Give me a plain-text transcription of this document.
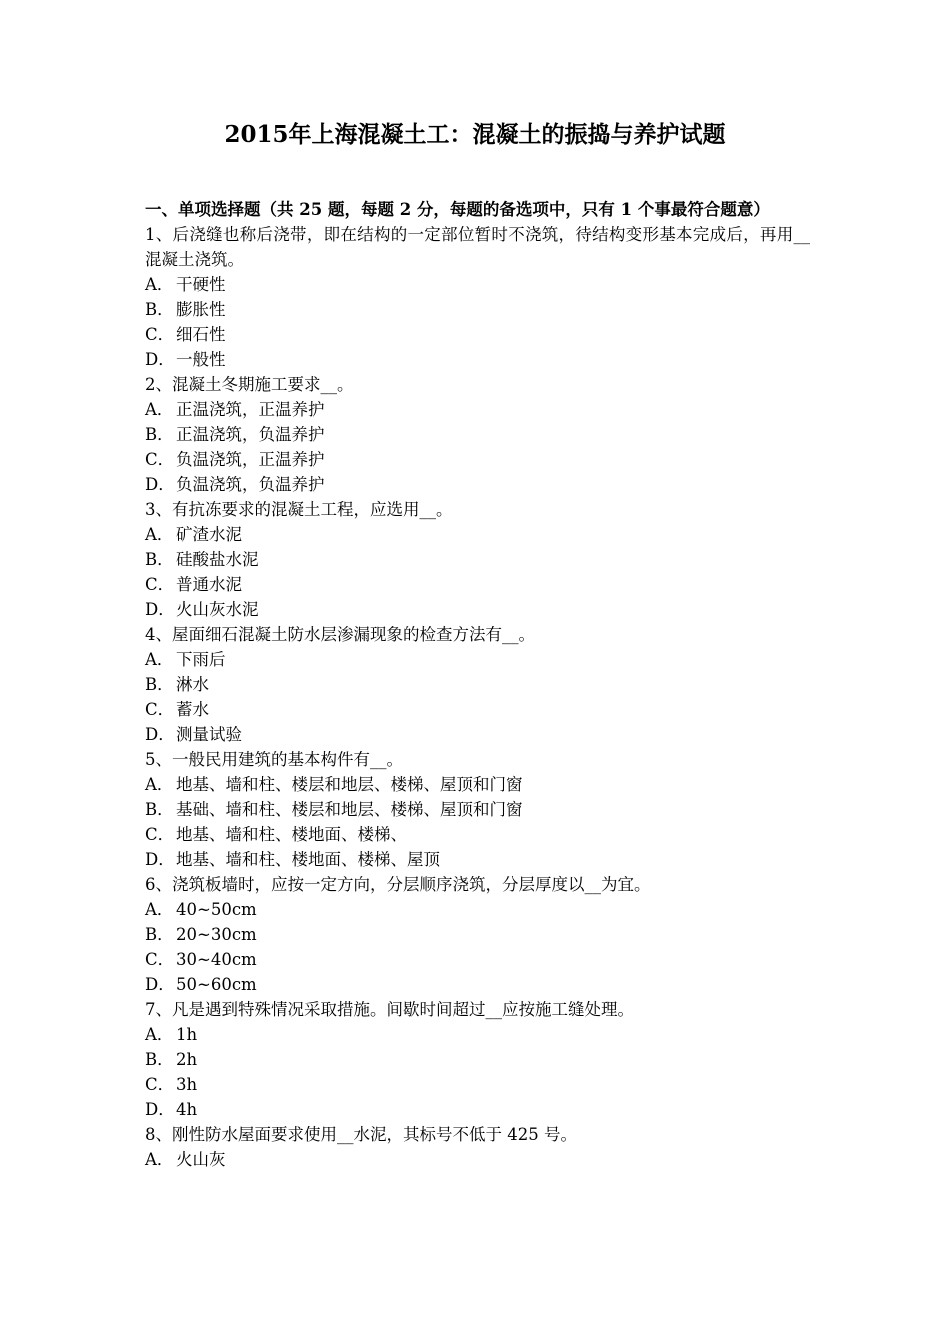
2015年上海混凝土工：混凝土的振捣与养护试题

一、单项选择题（共 25 题，每题 2 分，每题的备选项中，只有 1 个事最符合题意）

1、后浇缝也称后浇带，即在结构的一定部位暂时不浇筑，待结构变形基本完成后，再用__混凝土浇筑。

A． 干硬性
B． 膨胀性
C． 细石性
D．一般性

2、混凝土冬期施工要求__。

A． 正温浇筑，正温养护
B． 正温浇筑，负温养护
C． 负温浇筑，正温养护
D．负温浇筑，负温养护

3、有抗冻要求的混凝土工程，应选用__。

A． 矿渣水泥
B． 硅酸盐水泥
C． 普通水泥
D．火山灰水泥

4、屋面细石混凝土防水层渗漏现象的检查方法有__。

A． 下雨后
B． 淋水
C． 蓄水
D．测量试验

5、一般民用建筑的基本构件有__。

A． 地基、墙和柱、楼层和地层、楼梯、屋顶和门窗
B． 基础、墙和柱、楼层和地层、楼梯、屋顶和门窗
C． 地基、墙和柱、楼地面、楼梯、
D．地基、墙和柱、楼地面、楼梯、屋顶

6、浇筑板墙时，应按一定方向，分层顺序浇筑，分层厚度以__为宜。

A． 40~50cm
B． 20~30cm
C． 30~40cm
D．50~60cm

7、凡是遇到特殊情况采取措施。间歇时间超过__应按施工缝处理。

A． 1h
B． 2h
C． 3h
D．4h

8、刚性防水屋面要求使用__水泥，其标号不低于 425 号。

A． 火山灰
